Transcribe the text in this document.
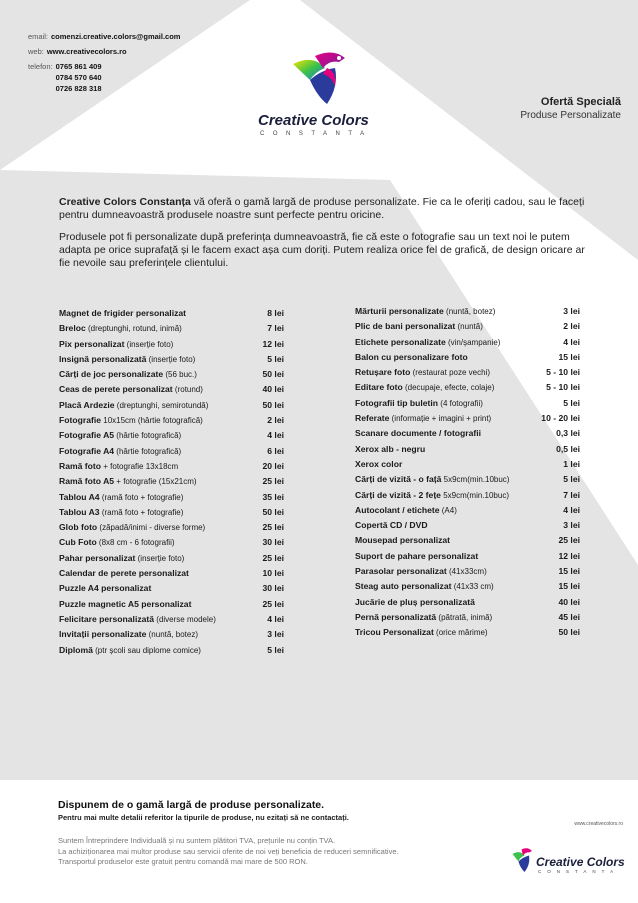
email: comenzi.creative.colors@gmail.com
web: www.creativecolors.ro
telefon: 0765 861 409
0784 570 640
0726 828 318
Creative Colors
CONSTANTA
Ofertă Specială
Produse Personalizate

Creative Colors Constanța vă oferă o gamă largă de produse personalizate. Fie ca le oferiți cadou, sau le faceți pentru dumneavoastră produsele noastre sunt perfecte pentru oricine.

Produsele pot fi personalizate după preferința dumneavoastră, fie că este o fotografie sau un text noi le putem adapta pe orice suprafață și le facem exact așa cum doriți. Putem realiza orice fel de grafică, de design oricare ar fie nevoile sau preferințele clientului.

Magnet de frigider personalizat	8 lei
Breloc (dreptunghi, rotund, inimă)	7 lei
Pix personalizat (inserție foto)	12 lei
Insignă personalizată (inserție foto)	5 lei
Cărți de joc personalizate (56 buc.)	50 lei
Ceas de perete personalizat (rotund)	40 lei
Placă Ardezie (dreptunghi, semirotundă)	50 lei
Fotografie 10x15cm (hârtie fotografică)	2 lei
Fotografie A5 (hârtie fotografică)	4 lei
Fotografie A4 (hârtie fotografică)	6 lei
Ramă foto + fotografie 13x18cm	20 lei
Ramă foto A5 + fotografie (15x21cm)	25 lei
Tablou A4 (ramă foto + fotografie)	35 lei
Tablou A3 (ramă foto + fotografie)	50 lei
Glob foto (zăpadă/inimi - diverse forme)	25 lei
Cub Foto (8x8 cm - 6 fotografii)	30 lei
Pahar personalizat (inserție foto)	25 lei
Calendar de perete personalizat	10 lei
Puzzle A4 personalizat	30 lei
Puzzle magnetic A5 personalizat	25 lei
Felicitare personalizată (diverse modele)	4 lei
Invitații personalizate (nuntă, botez)	3 lei
Diplomă (ptr școli sau diplome comice)	5 lei
Mărturii personalizate (nuntă, botez)	3 lei
Plic de bani personalizat (nuntă)	2 lei
Etichete personalizate (vin/șampanie)	4 lei
Balon cu personalizare foto	15 lei
Retușare foto (restaurat poze vechi)	5 - 10 lei
Editare foto (decupaje, efecte, colaje)	5 - 10 lei
Fotografii tip buletin (4 fotografii)	5 lei
Referate (informație + imagini + print)	10 - 20 lei
Scanare documente / fotografii	0,3 lei
Xerox alb - negru	0,5 lei
Xerox color	1 lei
Cărți de vizită - o față 5x9cm(min.10buc)	5 lei
Cărți de vizită - 2 fețe 5x9cm(min.10buc)	7 lei
Autocolant / etichete (A4)	4 lei
Copertă CD / DVD	3 lei
Mousepad personalizat	25 lei
Suport de pahare personalizat	12 lei
Parasolar personalizat (41x33cm)	15 lei
Steag auto personalizat (41x33 cm)	15 lei
Jucărie de pluș personalizată	40 lei
Pernă personalizată (pătrată, inimă)	45 lei
Tricou Personalizat (orice mărime)	50 lei
Dispunem de o gamă largă de produse personalizate.
Pentru mai multe detalii referitor la tipurile de produse, nu ezitați să ne contactați.
Suntem Întreprindere Individuală și nu suntem plătitori TVA, prețurile nu conțin TVA.
La achiziționarea mai multor produse sau servicii oferite de noi veți beneficia de reduceri semnificative.
Transportul produselor este gratuit pentru comandă mai mare de 500 RON.
www.creativecolors.ro
Creative Colors
CONSTANTA
